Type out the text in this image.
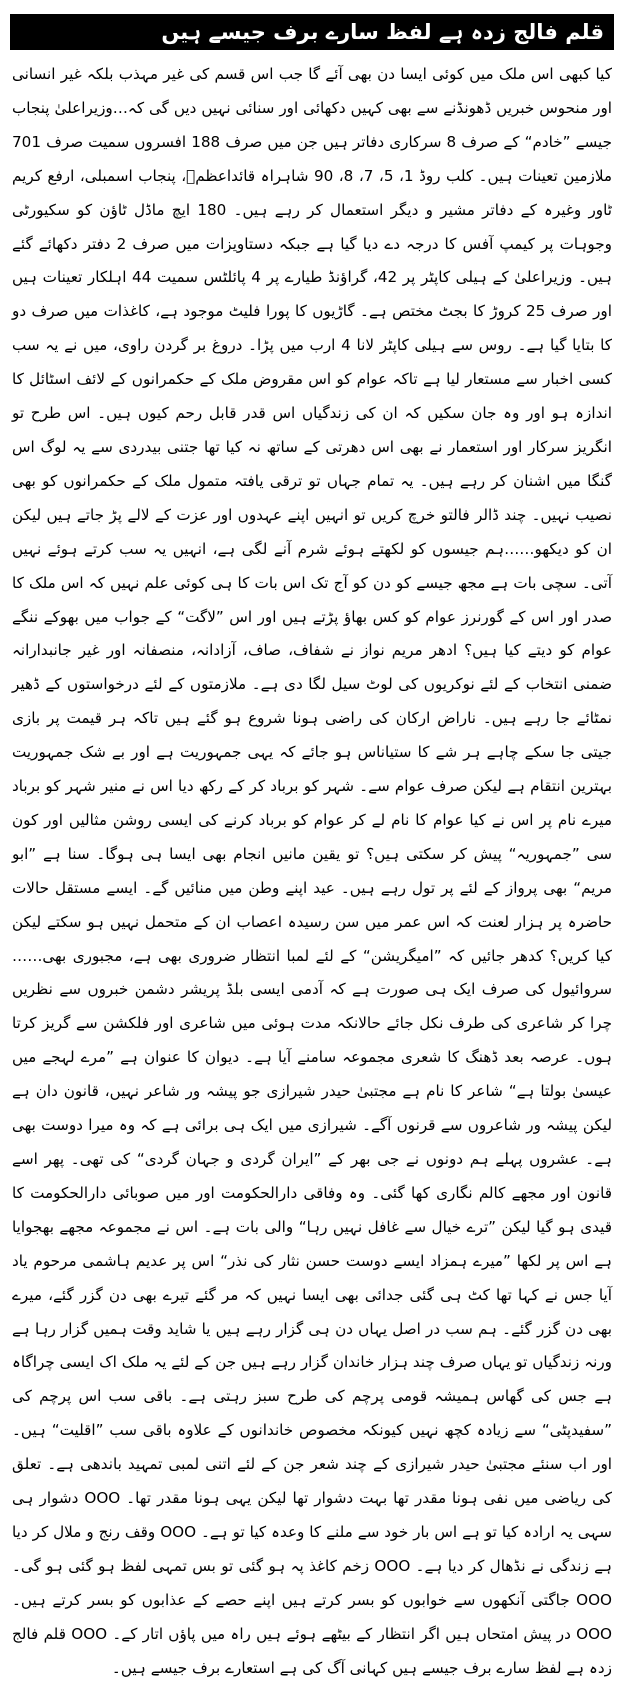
قلم فالج زدہ ہے لفظ سارے برف جیسے ہیں

کیا کبھی اس ملک میں کوئی ایسا دن بھی آئے گا جب اس قسم کی غیر مہذب بلکہ غیر انسانی اور منحوس خبریں ڈھونڈنے سے بھی کہیں دکھائی اور سنائی نہیں دیں گی کہ…وزیراعلیٰ پنجاب جیسے ”خادم“ کے صرف 8 سرکاری دفاتر ہیں جن میں صرف 188 افسروں سمیت صرف 701 ملازمین تعینات ہیں۔ کلب روڈ 1، 5، 7، 8، 90 شاہراہ قائداعظمؒ، پنجاب اسمبلی، ارفع کریم ٹاور وغیرہ کے دفاتر مشیر و دیگر استعمال کر رہے ہیں۔ 180 ایچ ماڈل ٹاؤن کو سکیورٹی وجوہات پر کیمپ آفس کا درجہ دے دیا گیا ہے جبکہ دستاویزات میں صرف 2 دفتر دکھائے گئے ہیں۔ وزیراعلیٰ کے ہیلی کاپٹر پر 42، گراؤنڈ طیارے پر 4 پائلٹس سمیت 44 اہلکار تعینات ہیں اور صرف 25 کروڑ کا بجٹ مختص ہے۔ گاڑیوں کا پورا فلیٹ موجود ہے، کاغذات میں صرف دو کا بتایا گیا ہے۔ روس سے ہیلی کاپٹر لانا 4 ارب میں پڑا۔ دروغ بر گردن راوی، میں نے یہ سب کسی اخبار سے مستعار لیا ہے تاکہ عوام کو اس مقروض ملک کے حکمرانوں کے لائف اسٹائل کا اندازہ ہو اور وہ جان سکیں کہ ان کی زندگیاں اس قدر قابل رحم کیوں ہیں۔ اس طرح تو انگریز سرکار اور استعمار نے بھی اس دھرتی کے ساتھ نہ کیا تھا جتنی بیدردی سے یہ لوگ اس گنگا میں اشنان کر رہے ہیں۔ یہ تمام جہاں تو ترقی یافتہ متمول ملک کے حکمرانوں کو بھی نصیب نہیں۔ چند ڈالر فالتو خرچ کریں تو انہیں اپنے عہدوں اور عزت کے لالے پڑ جاتے ہیں لیکن ان کو دیکھو……ہم جیسوں کو لکھتے ہوئے شرم آنے لگی ہے، انہیں یہ سب کرتے ہوئے نہیں آتی۔ سچی بات ہے مجھ جیسے کو دن کو آج تک اس بات کا ہی کوئی علم نہیں کہ اس ملک کا صدر اور اس کے گورنرز عوام کو کس بھاؤ پڑتے ہیں اور اس ”لاگت“ کے جواب میں بھوکے ننگے عوام کو دیتے کیا ہیں؟ ادھر مریم نواز نے شفاف، صاف، آزادانہ، منصفانہ اور غیر جانبدارانہ ضمنی انتخاب کے لئے نوکریوں کی لوٹ سیل لگا دی ہے۔ ملازمتوں کے لئے درخواستوں کے ڈھیر نمٹائے جا رہے ہیں۔ ناراض ارکان کی راضی ہونا شروع ہو گئے ہیں تاکہ ہر قیمت پر بازی جیتی جا سکے چاہے ہر شے کا ستیاناس ہو جائے کہ یہی جمہوریت ہے اور بے شک جمہوریت بہترین انتقام ہے لیکن صرف عوام سے۔ شہر کو برباد کر کے رکھ دیا اس نے منیر شہر کو برباد میرے نام پر اس نے کیا عوام کا نام لے کر عوام کو برباد کرنے کی ایسی روشن مثالیں اور کون سی ”جمہوریہ“ پیش کر سکتی ہیں؟ تو یقین مانیں انجام بھی ایسا ہی ہوگا۔ سنا ہے ”ابو مریم“ بھی پرواز کے لئے پر تول رہے ہیں۔ عید اپنے وطن میں منائیں گے۔ ایسے مستقل حالات حاضرہ پر ہزار لعنت کہ اس عمر میں سن رسیدہ اعصاب ان کے متحمل نہیں ہو سکتے لیکن کیا کریں؟ کدھر جائیں کہ ”امیگریشن“ کے لئے لمبا انتظار ضروری بھی ہے، مجبوری بھی…… سروائیول کی صرف ایک ہی صورت ہے کہ آدمی ایسی بلڈ پریشر دشمن خبروں سے نظریں چرا کر شاعری کی طرف نکل جائے حالانکہ مدت ہوئی میں شاعری اور فلکشن سے گریز کرتا ہوں۔ عرصہ بعد ڈھنگ کا شعری مجموعہ سامنے آیا ہے۔ دیوان کا عنوان ہے ”مرے لہجے میں عیسیٰ بولتا ہے“ شاعر کا نام ہے مجتبیٰ حیدر شیرازی جو پیشہ ور شاعر نہیں، قانون دان ہے لیکن پیشہ ور شاعروں سے قرنوں آگے۔ شیرازی میں ایک ہی برائی ہے کہ وہ میرا دوست بھی ہے۔ عشروں پہلے ہم دونوں نے جی بھر کے ”ایران گردی و جہان گردی“ کی تھی۔ پھر اسے قانون اور مجھے کالم نگاری کھا گئی۔ وہ وفاقی دارالحکومت اور میں صوبائی دارالحکومت کا قیدی ہو گیا لیکن ”ترے خیال سے غافل نہیں رہا“ والی بات ہے۔ اس نے مجموعہ مجھے بھجوایا ہے اس پر لکھا ”میرے ہمزاد ایسے دوست حسن نثار کی نذر“ اس پر عدیم ہاشمی مرحوم یاد آیا جس نے کہا تھا کٹ ہی گئی جدائی بھی ایسا نہیں کہ مر گئے تیرے بھی دن گزر گئے، میرے بھی دن گزر گئے۔ ہم سب در اصل یہاں دن ہی گزار رہے ہیں یا شاید وقت ہمیں گزار رہا ہے ورنہ زندگیاں تو یہاں صرف چند ہزار خاندان گزار رہے ہیں جن کے لئے یہ ملک اک ایسی چراگاہ ہے جس کی گھاس ہمیشہ قومی پرچم کی طرح سبز رہتی ہے۔ باقی سب اس پرچم کی ”سفیدپٹی“ سے زیادہ کچھ نہیں کیونکہ مخصوص خاندانوں کے علاوہ باقی سب ”اقلیت“ ہیں۔ اور اب سنئے مجتبیٰ حیدر شیرازی کے چند شعر جن کے لئے اتنی لمبی تمہید باندھی ہے۔ تعلق کی ریاضی میں نفی ہونا مقدر تھا بہت دشوار تھا لیکن یہی ہونا مقدر تھا۔ OOO دشوار ہی سہی یہ ارادہ کیا تو ہے اس بار خود سے ملنے کا وعدہ کیا تو ہے۔ OOO وقف رنج و ملال کر دیا ہے زندگی نے نڈھال کر دیا ہے۔ OOO زخم کاغذ پہ ہو گئی تو بس تمہی لفظ ہو گئی ہو گی۔ OOO جاگتی آنکھوں سے خوابوں کو بسر کرتے ہیں اپنے حصے کے عذابوں کو بسر کرتے ہیں۔ OOO در پیش امتحاں ہیں اگر انتظار کے بیٹھے ہوئے ہیں راہ میں پاؤں اتار کے۔ OOO قلم فالج زدہ ہے لفظ سارے برف جیسے ہیں کہانی آگ کی ہے استعارے برف جیسے ہیں۔
